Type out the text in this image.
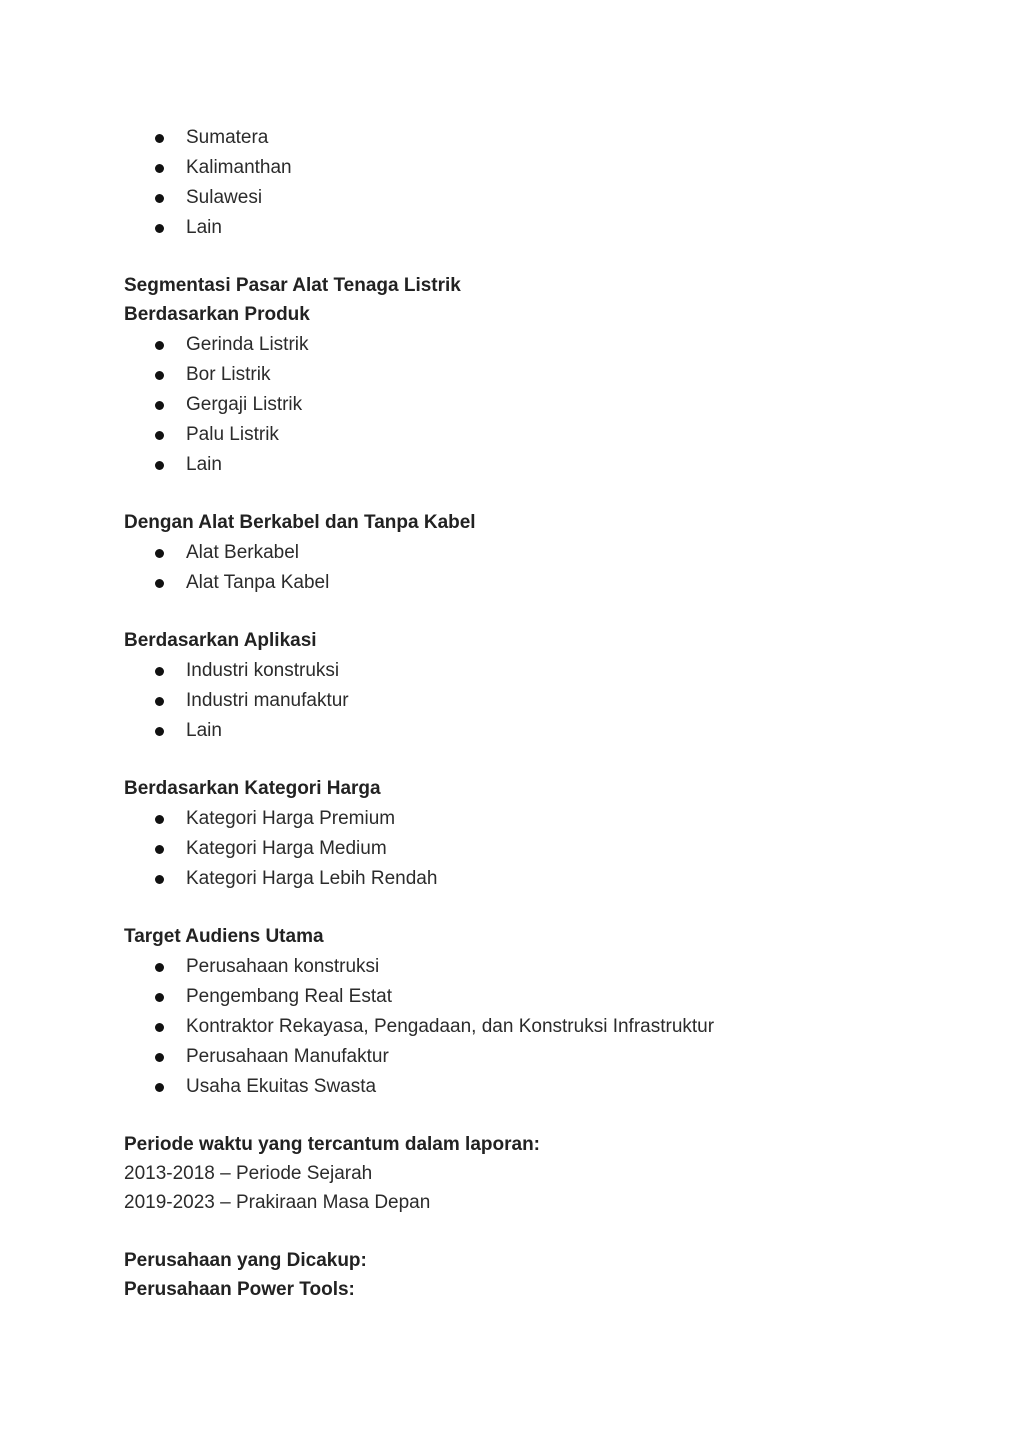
Sumatera
Kalimanthan
Sulawesi
Lain
Segmentasi Pasar Alat Tenaga Listrik
Berdasarkan Produk
Gerinda Listrik
Bor Listrik
Gergaji Listrik
Palu Listrik
Lain
Dengan Alat Berkabel dan Tanpa Kabel
Alat Berkabel
Alat Tanpa Kabel
Berdasarkan Aplikasi
Industri konstruksi
Industri manufaktur
Lain
Berdasarkan Kategori Harga
Kategori Harga Premium
Kategori Harga Medium
Kategori Harga Lebih Rendah
Target Audiens Utama
Perusahaan konstruksi
Pengembang Real Estat
Kontraktor Rekayasa, Pengadaan, dan Konstruksi Infrastruktur
Perusahaan Manufaktur
Usaha Ekuitas Swasta
Periode waktu yang tercantum dalam laporan:
2013-2018 – Periode Sejarah
2019-2023 – Prakiraan Masa Depan
Perusahaan yang Dicakup:
Perusahaan Power Tools:
